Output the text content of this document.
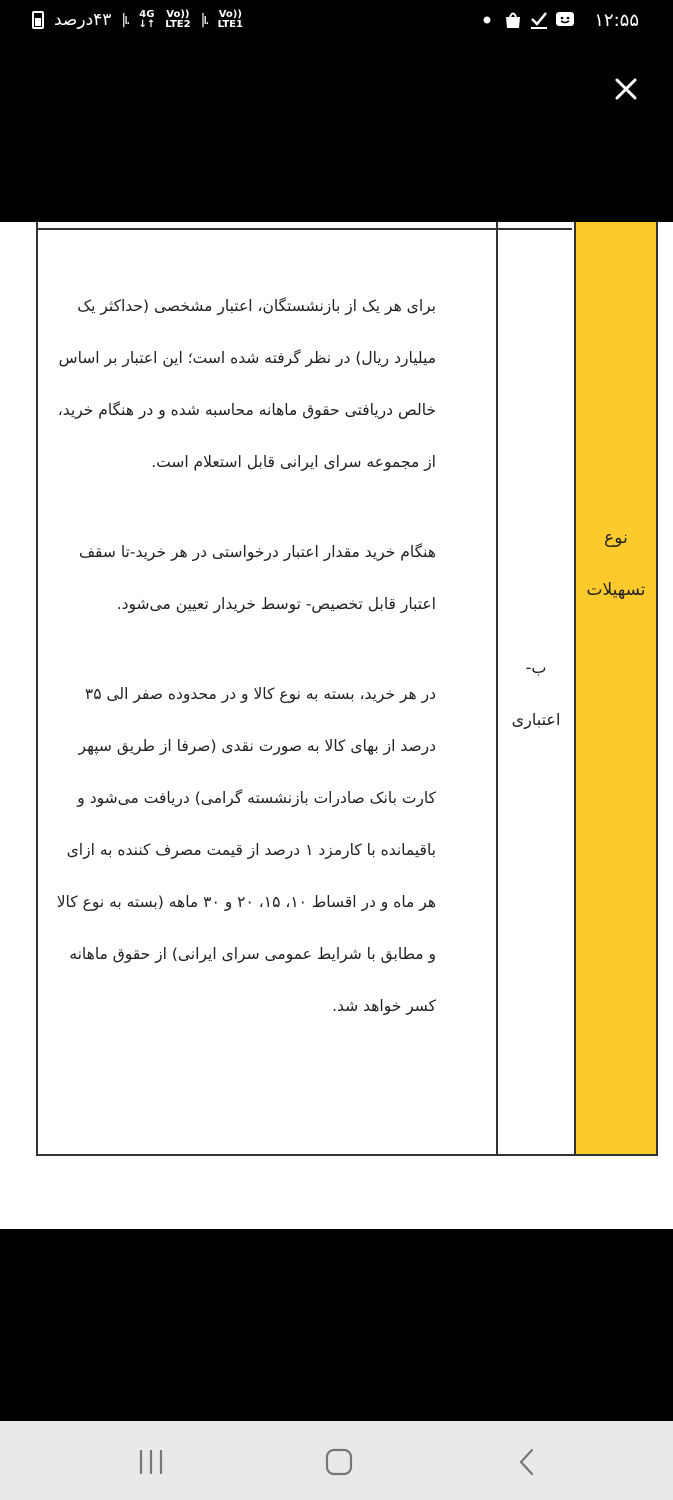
۴۳درصد |ı. 4G
↓↑
Vo))
LTE2 |ı. Vo))
LTE1	۱۲:۵۵
نوع
تسهیلات
ب-
اعتباری

برای هر یک از بازنشستگان، اعتبار مشخصی (حداکثر یک میلیارد ریال) در نظر گرفته شده است؛ این اعتبار بر اساس خالص دریافتی حقوق ماهانه محاسبه شده و در هنگام خرید، از مجموعه سرای ایرانی قابل استعلام است.

هنگام خرید مقدار اعتبار درخواستی در هر خرید-تا سقف اعتبار قابل تخصیص- توسط خریدار تعیین می‌شود.

در هر خرید، بسته به نوع کالا و در محدوده صفر الی ۳۵ درصد از بهای کالا به صورت نقدی (صرفا از طریق سپهر کارت بانک صادرات بازنشسته گرامی) دریافت می‌شود و باقیمانده با کارمزد ۱ درصد از قیمت مصرف کننده به ازای هر ماه و در اقساط ۱۰، ۱۵، ۲۰ و ۳۰ ماهه (بسته به نوع کالا و مطابق با شرایط عمومی سرای ایرانی) از حقوق ماهانه کسر خواهد شد.
